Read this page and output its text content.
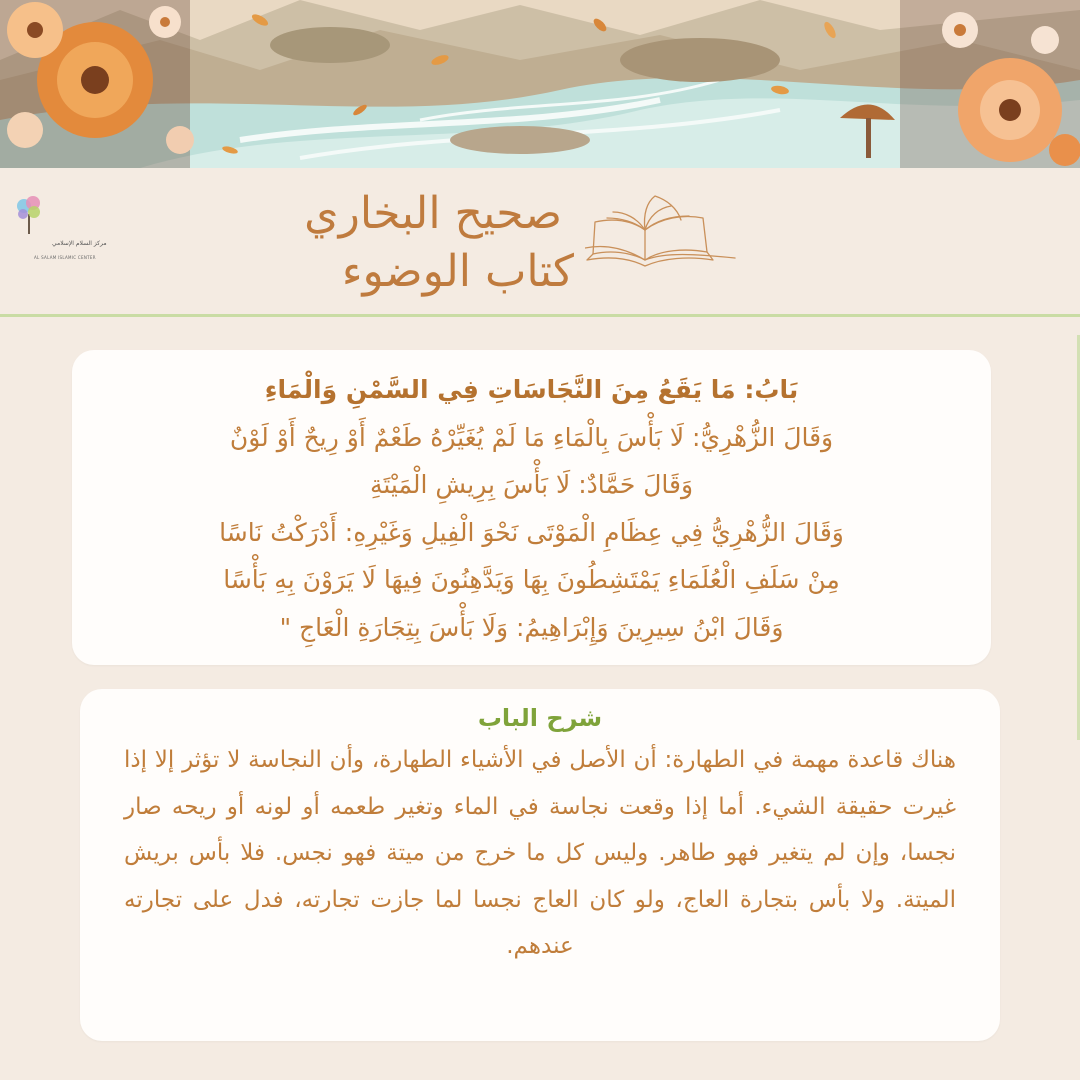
مركز السلام الإسلامي
AL SALAM ISLAMIC CENTER
صحيح البخاري
كتاب الوضوء
بَابُ: مَا يَقَعُ مِنَ النَّجَاسَاتِ فِي السَّمْنِ وَالْمَاءِ
وَقَالَ الزُّهْرِيُّ: لَا بَأْسَ بِالْمَاءِ مَا لَمْ يُغَيِّرْهُ طَعْمٌ أَوْ رِيحٌ أَوْ لَوْنٌ
وَقَالَ حَمَّادٌ: لَا بَأْسَ بِرِيشِ الْمَيْتَةِ
وَقَالَ الزُّهْرِيُّ فِي عِظَامِ الْمَوْتَى نَحْوَ الْفِيلِ وَغَيْرِهِ: أَدْرَكْتُ نَاسًا
مِنْ سَلَفِ الْعُلَمَاءِ يَمْتَشِطُونَ بِهَا وَيَدَّهِنُونَ فِيهَا لَا يَرَوْنَ بِهِ بَأْسًا
وَقَالَ ابْنُ سِيرِينَ وَإِبْرَاهِيمُ: وَلَا بَأْسَ بِتِجَارَةِ الْعَاجِ "
شرح الباب
هناك قاعدة مهمة في الطهارة: أن الأصل في الأشياء الطهارة، وأن النجاسة لا تؤثر إلا إذا غيرت حقيقة الشيء. أما إذا وقعت نجاسة في الماء وتغير طعمه أو لونه أو ريحه صار نجسا، وإن لم يتغير فهو طاهر. وليس كل ما خرج من ميتة فهو نجس. فلا بأس بريش الميتة. ولا بأس بتجارة العاج، ولو كان العاج نجسا لما جازت تجارته، فدل على تجارته عندهم.
